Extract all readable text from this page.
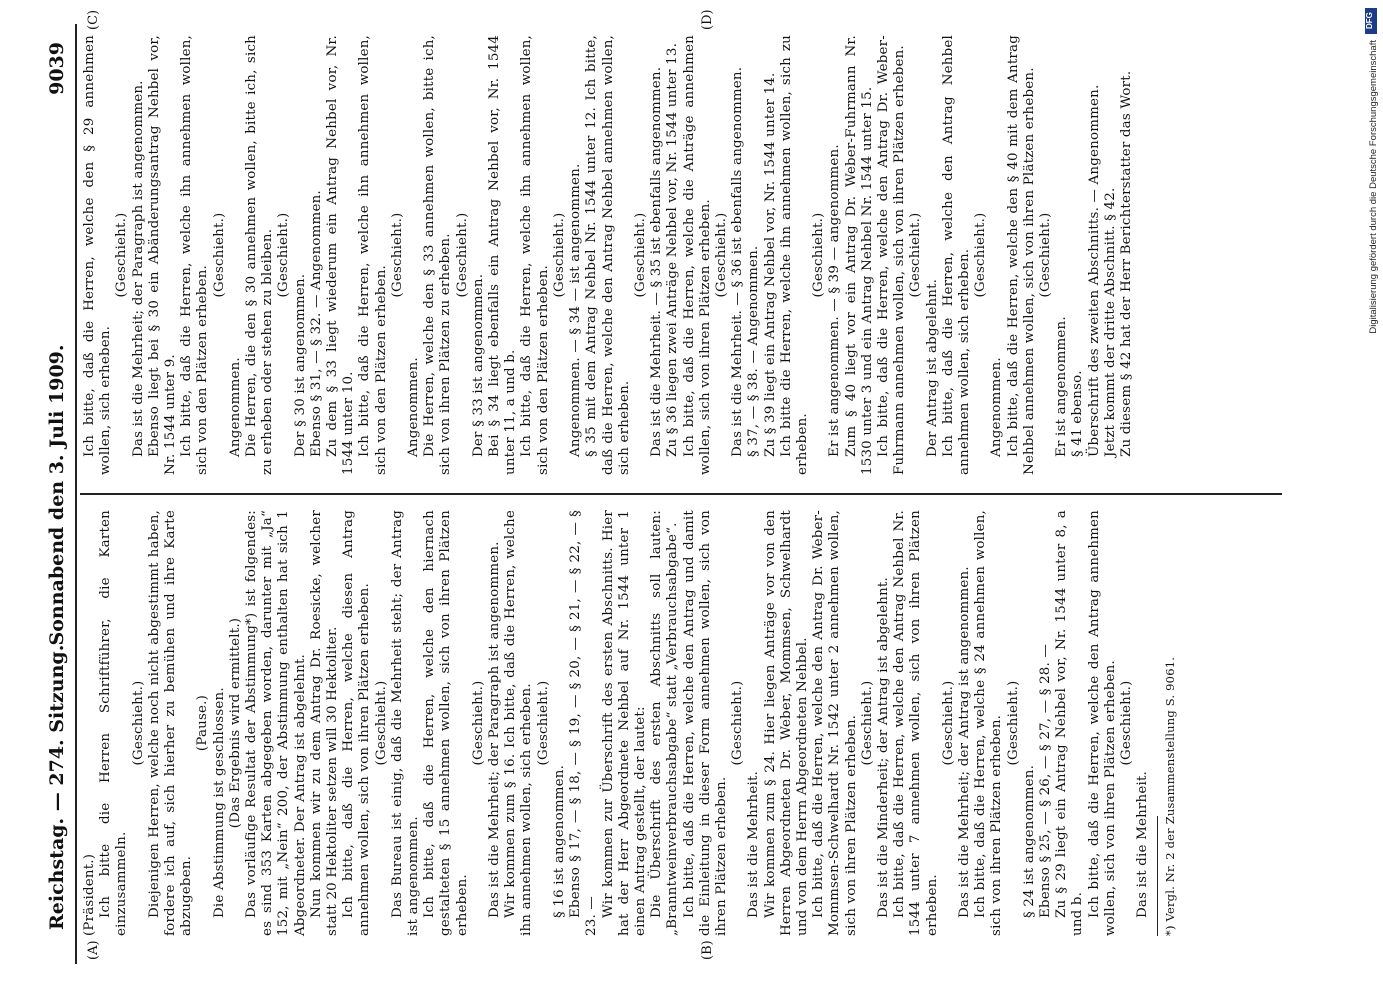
Reichstag. — 274. Sitzung.
Sonnabend den 3. Juli 1909.
9039
(A)	(B)
(C)	(D)

(Präsident.) Ich bitte die Herren Schriftführer, die Karten einzusammeln.

(Geschieht.) Diejenigen Herren, welche noch nicht abgestimmt haben, fordere ich auf, sich hierher zu bemühen und ihre Karte abzugeben.

(Pause.) Die Abstimmung ist geschlossen. (Das Ergebnis wird ermittelt.) Das vorläufige Resultat der Abstimmung*) ist folgendes: es sind 353 Karten abgegeben worden, darunter mit „Ja“ 152, mit „Nein“ 200, der Abstimmung enthalten hat sich 1 Abgeordneter. Der Antrag ist abgelehnt. Nun kommen wir zu dem Antrag Dr. Roesicke, welcher statt 20 Hektoliter setzen will 30 Hektoliter. Ich bitte, daß die Herren, welche diesen Antrag annehmen wollen, sich von ihren Plätzen erheben. (Geschieht.) Das Bureau ist einig, daß die Mehrheit steht; der Antrag ist angenommen. Ich bitte, daß die Herren, welche den hiernach gestalteten § 15 annehmen wollen, sich von ihren Plätzen erheben.

(Geschieht.) Das ist die Mehrheit; der Paragraph ist angenommen. Wir kommen zum § 16. Ich bitte, daß die Herren, welche ihn annehmen wollen, sich erheben. (Geschieht.)

§ 16 ist angenommen. Ebenso § 17, — § 18, — § 19, — § 20, — § 21, — § 22, — § 23. — Wir kommen zur Überschrift des ersten Abschnitts. Hier hat der Herr Abgeordnete Nehbel auf Nr. 1544 unter 1 einen Antrag gestellt, der lautet: Die Überschrift des ersten Abschnitts soll lauten: „Branntweinverbrauchsabgabe“ statt „Verbrauchsabgabe“. Ich bitte, daß die Herren, welche den Antrag und damit die Einleitung in dieser Form annehmen wollen, sich von ihren Plätzen erheben.

(Geschieht.)

Das ist die Mehrheit. Wir kommen zum § 24. Hier liegen Anträge vor von den Herren Abgeordneten Dr. Weber, Mommsen, Schwelhardt und von dem Herrn Abgeordneten Nehbel. Ich bitte, daß die Herren, welche den Antrag Dr. Weber-Mommsen-Schwelhardt Nr. 1542 unter 2 annehmen wollen, sich von ihren Plätzen erheben. (Geschieht.) Das ist die Minderheit; der Antrag ist abgelehnt. Ich bitte, daß die Herren, welche den Antrag Nehbel Nr. 1544 unter 7 annehmen wollen, sich von ihren Plätzen erheben.

(Geschieht.) Das ist die Mehrheit; der Antrag ist angenommen. Ich bitte, daß die Herren, welche § 24 annehmen wollen, sich von ihren Plätzen erheben. (Geschieht.)

§ 24 ist angenommen. Ebenso § 25, — § 26, — § 27, — § 28. — Zu § 29 liegt ein Antrag Nehbel vor, Nr. 1544 unter 8, a und b. Ich bitte, daß die Herren, welche den Antrag annehmen wollen, sich von ihren Plätzen erheben. (Geschieht.)

Das ist die Mehrheit. *) Vergl. Nr. 2 der Zusammenstellung S. 9061.

Ich bitte, daß die Herren, welche den § 29 annehmen wollen, sich erheben.

(Geschieht.) Das ist die Mehrheit; der Paragraph ist angenommen. Ebenso liegt bei § 30 ein Abänderungsantrag Nehbel vor, Nr. 1544 unter 9. Ich bitte, daß die Herren, welche ihn annehmen wollen, sich von den Plätzen erheben.

(Geschieht.)

Angenommen. Die Herren, die den § 30 annehmen wollen, bitte ich, sich zu erheben oder stehen zu bleiben. (Geschieht.)

Der § 30 ist angenommen. Ebenso § 31, — § 32. — Angenommen. Zu dem § 33 liegt wiederum ein Antrag Nehbel vor, Nr. 1544 unter 10. Ich bitte, daß die Herren, welche ihn annehmen wollen, sich von den Plätzen erheben.

(Geschieht.)

Angenommen. Die Herren, welche den § 33 annehmen wollen, bitte ich, sich von ihren Plätzen zu erheben. (Geschieht.)

Der § 33 ist angenommen. Bei § 34 liegt ebenfalls ein Antrag Nehbel vor, Nr. 1544 unter 11, a und b. Ich bitte, daß die Herren, welche ihn annehmen wollen, sich von den Plätzen erheben.

(Geschieht.) Angenommen. — § 34 — ist angenommen. § 35 mit dem Antrag Nehbel Nr. 1544 unter 12. Ich bitte, daß die Herren, welche den Antrag Nehbel annehmen wollen, sich erheben.

(Geschieht.) Das ist die Mehrheit. — § 35 ist ebenfalls angenommen. Zu § 36 liegen zwei Anträge Nehbel vor, Nr. 1544 unter 13. Ich bitte, daß die Herren, welche die Anträge annehmen wollen, sich von ihren Plätzen erheben. (Geschieht.) Das ist die Mehrheit. — § 36 ist ebenfalls angenommen. § 37, — § 38. — Angenommen. Zu § 39 liegt ein Antrag Nehbel vor, Nr. 1544 unter 14. Ich bitte die Herren, welche ihn annehmen wollen, sich zu erheben.

(Geschieht.) Er ist angenommen. — § 39 — angenommen. Zum § 40 liegt vor ein Antrag Dr. Weber-Fuhrmann Nr. 1530 unter 3 und ein Antrag Nehbel Nr. 1544 unter 15. Ich bitte, daß die Herren, welche den Antrag Dr. Weber-Fuhrmann annehmen wollen, sich von ihren Plätzen erheben. (Geschieht.)

Der Antrag ist abgelehnt. Ich bitte, daß die Herren, welche den Antrag Nehbel annehmen wollen, sich erheben. (Geschieht.)

Angenommen. Ich bitte, daß die Herren, welche den § 40 mit dem Antrag Nehbel annehmen wollen, sich von ihren Plätzen erheben. (Geschieht.)

Er ist angenommen. § 41 ebenso. Überschrift des zweiten Abschnitts. — Angenommen. Jetzt kommt der dritte Abschnitt. § 42. Zu diesem § 42 hat der Herr Berichterstatter das Wort.

DFG
Digitalisierung gefördert durch die Deutsche Forschungsgemeinschaft
